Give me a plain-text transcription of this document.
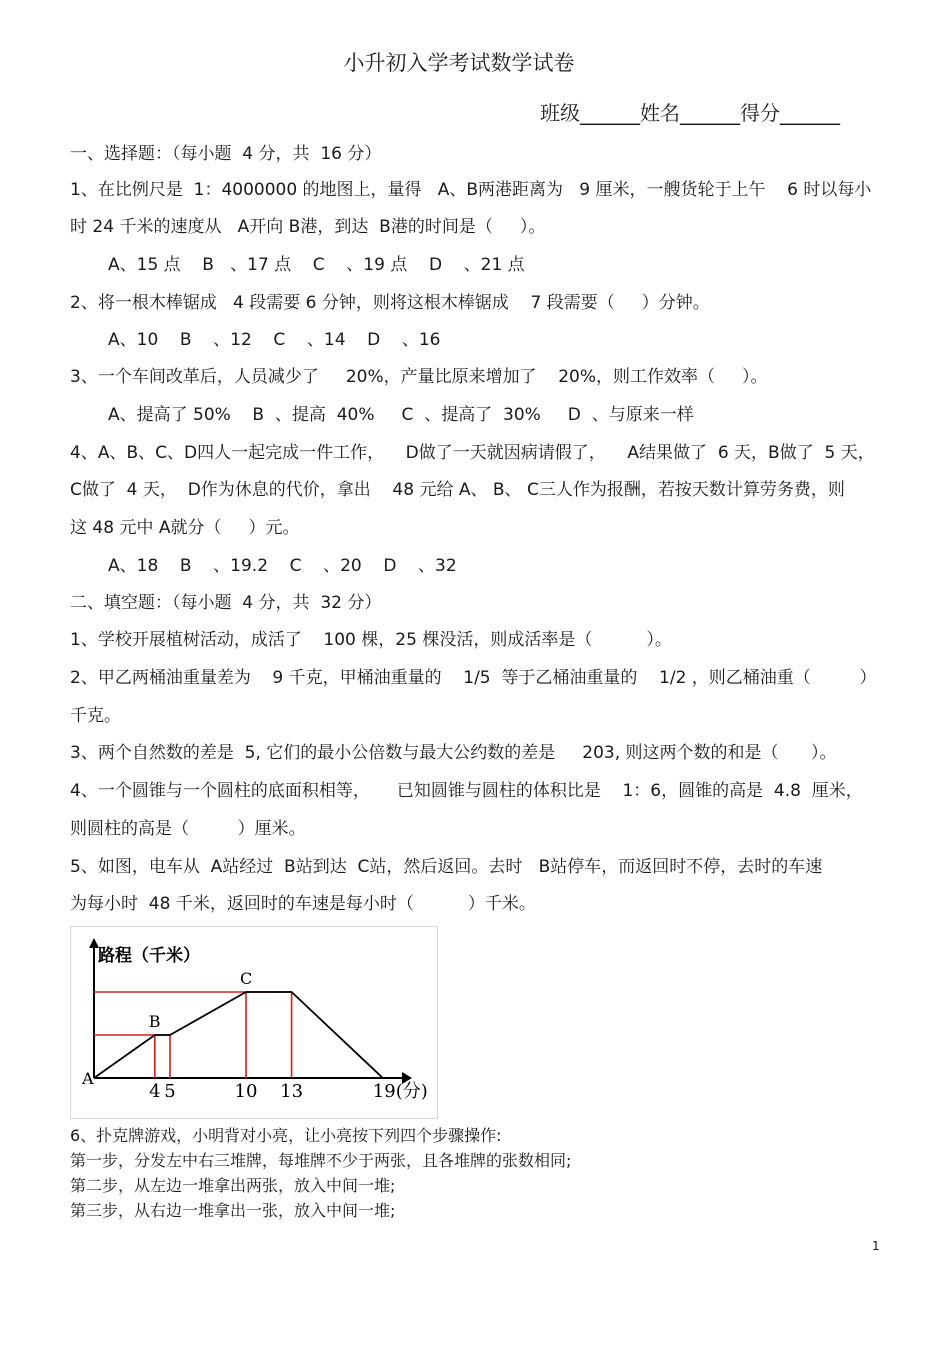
小升初入学考试数学试卷
班级______姓名______得分______
一、选择题：（每小题  4 分，共  16 分）
1、在比例尺是  1：4000000 的地图上，量得   A、B两港距离为   9 厘米，一艘货轮于上午    6 时以每小
时 24 千米的速度从   A开向 B港，到达  B港的时间是（     ）。
A、15 点    B   、17 点    C    、19 点    D    、21 点
2、将一根木棒锯成   4 段需要 6 分钟，则将这根木棒锯成    7 段需要（     ）分钟。
A、10    B    、12    C    、14    D    、16
3、一个车间改革后，人员减少了     20%，产量比原来增加了    20%，则工作效率（     ）。
A、提高了 50%    B  、提高  40%     C  、提高了  30%     D  、与原来一样
4、A、B、C、D四人一起完成一件工作，    D做了一天就因病请假了，    A结果做了  6 天，B做了  5 天，
C做了  4 天，  D作为休息的代价，拿出    48 元给 A、 B、 C三人作为报酬，若按天数计算劳务费，则
这 48 元中 A就分（     ）元。
A、18    B    、19.2    C    、20    D    、32
二、填空题：（每小题  4 分，共  32 分）
1、学校开展植树活动，成活了    100 棵，25 棵没活，则成活率是（          ）。
2、甲乙两桶油重量差为    9 千克，甲桶油重量的    1/5  等于乙桶油重量的    1/2 ，则乙桶油重（         ）
千克。
3、两个自然数的差是  5, 它们的最小公倍数与最大公约数的差是     203, 则这两个数的和是（      ）。
4、一个圆锥与一个圆柱的底面积相等，     已知圆锥与圆柱的体积比是    1：6，圆锥的高是  4.8  厘米，
则圆柱的高是（         ）厘米。
5、如图，电车从  A站经过  B站到达  C站，然后返回。去时   B站停车，而返回时不停，去时的车速
为每小时  48 千米，返回时的车速是每小时（          ）千米。
路程（千米）
A
B
C
4 5	10 13	19(分)
6、扑克牌游戏，小明背对小亮，让小亮按下列四个步骤操作:
第一步，分发左中右三堆牌，每堆牌不少于两张，且各堆牌的张数相同;
第二步，从左边一堆拿出两张，放入中间一堆;
第三步，从右边一堆拿出一张，放入中间一堆;
1
